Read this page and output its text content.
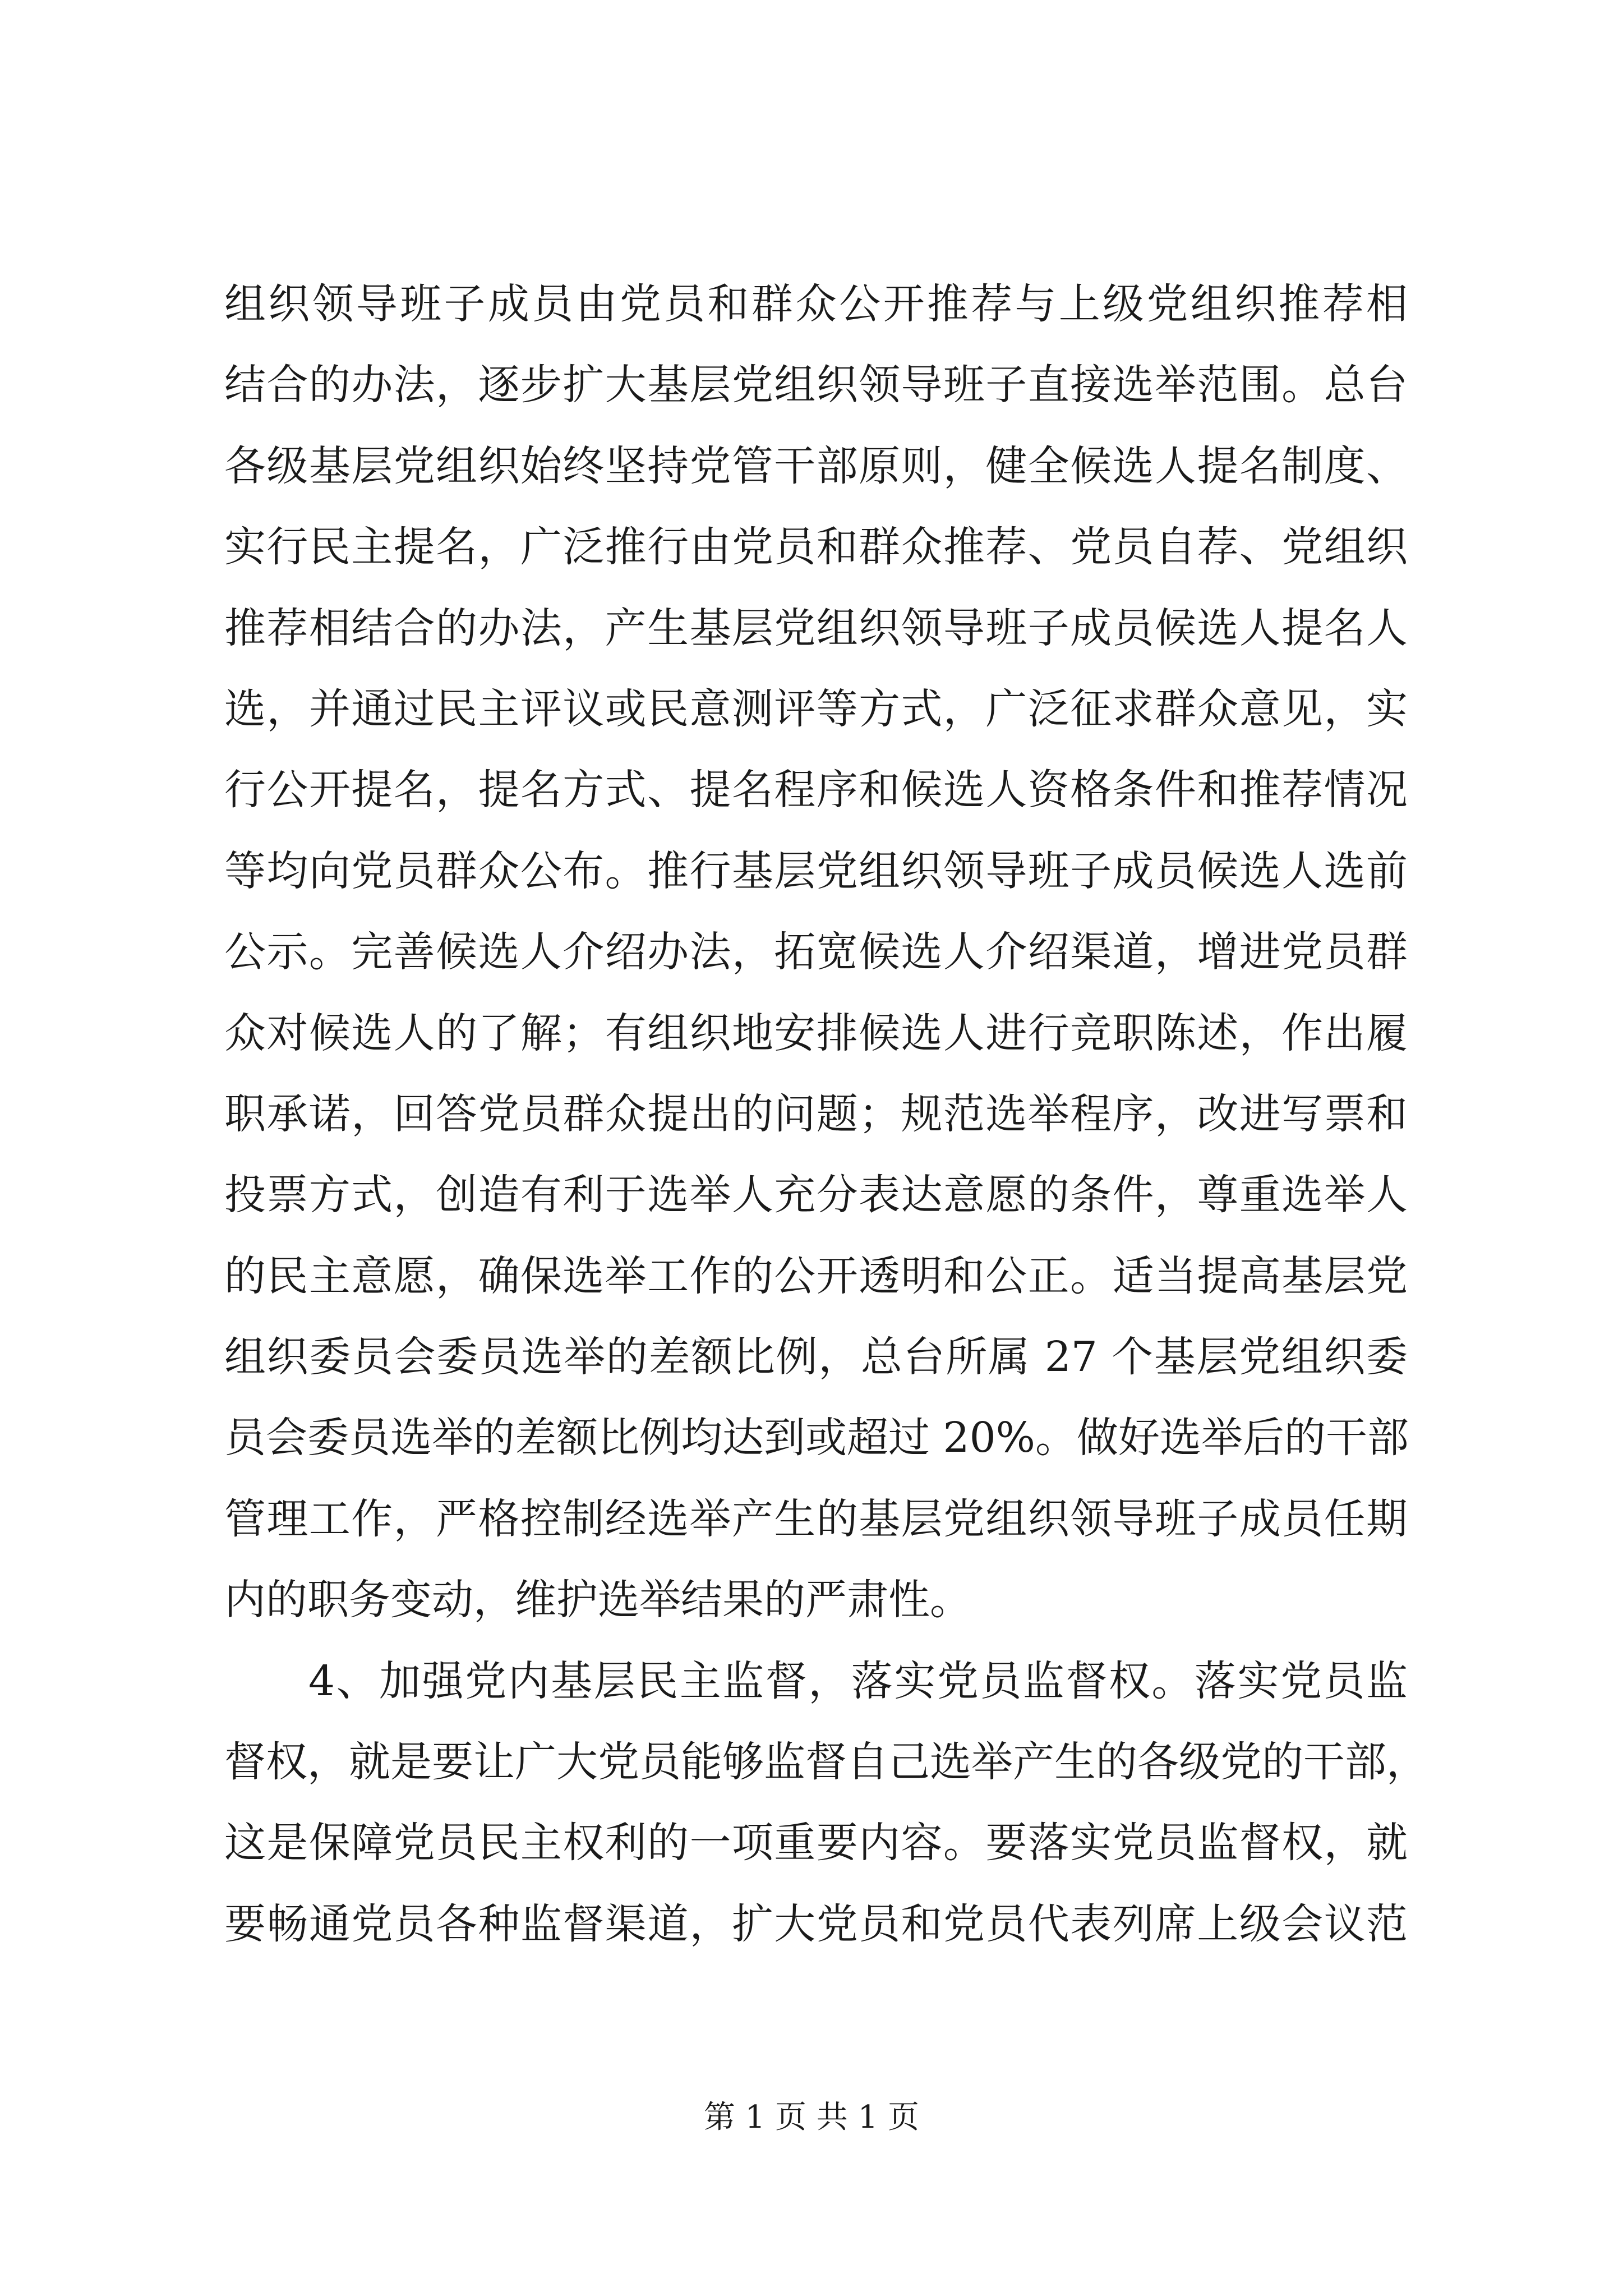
组织领导班子成员由党员和群众公开推荐与上级党组织推荐相
结合的办法，逐步扩大基层党组织领导班子直接选举范围。总台
各级基层党组织始终坚持党管干部原则，健全候选人提名制度、
实行民主提名，广泛推行由党员和群众推荐、党员自荐、党组织
推荐相结合的办法，产生基层党组织领导班子成员候选人提名人
选，并通过民主评议或民意测评等方式，广泛征求群众意见，实
行公开提名，提名方式、提名程序和候选人资格条件和推荐情况
等均向党员群众公布。推行基层党组织领导班子成员候选人选前
公示。完善候选人介绍办法，拓宽候选人介绍渠道，增进党员群
众对候选人的了解；有组织地安排候选人进行竞职陈述，作出履
职承诺，回答党员群众提出的问题；规范选举程序，改进写票和
投票方式，创造有利于选举人充分表达意愿的条件，尊重选举人
的民主意愿，确保选举工作的公开透明和公正。适当提高基层党
组织委员会委员选举的差额比例，总台所属 27 个基层党组织委
员会委员选举的差额比例均达到或超过 20%。做好选举后的干部
管理工作，严格控制经选举产生的基层党组织领导班子成员任期
内的职务变动，维护选举结果的严肃性。
4、加强党内基层民主监督，落实党员监督权。落实党员监
督权，就是要让广大党员能够监督自己选举产生的各级党的干部，
这是保障党员民主权利的一项重要内容。要落实党员监督权，就
要畅通党员各种监督渠道，扩大党员和党员代表列席上级会议范
第 1 页 共 1 页
